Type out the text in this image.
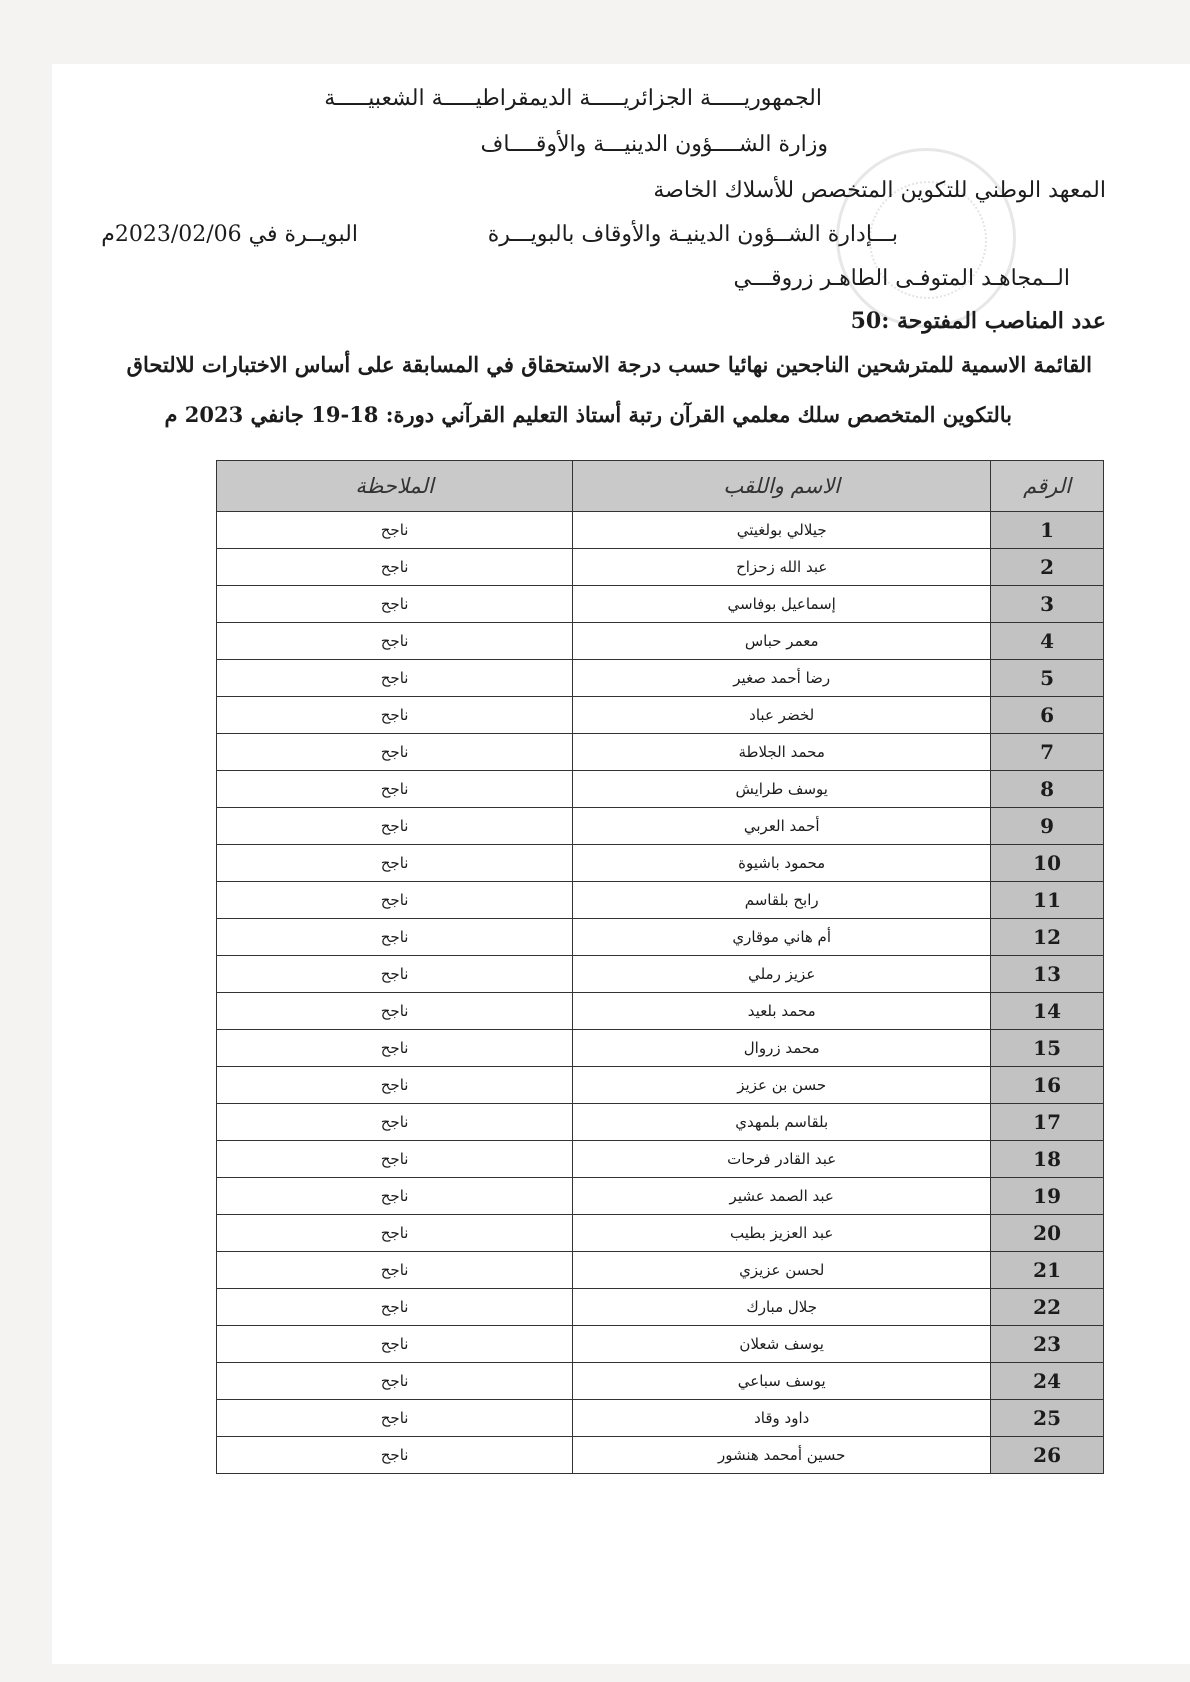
الجمهوريـــــة الجزائريـــــة الديمقراطيـــــة الشعبيـــــة
وزارة الشــــؤون الدينيـــة والأوقــــاف
المعهد الوطني للتكوين المتخصص للأسلاك الخاصة
بـــإدارة الشــؤون الدينيـة والأوقاف بالبويـــرة
البويــرة في 2023/02/06م
الــمجاهـد المتوفـى الطاهـر زروقـــي
عدد المناصب المفتوحة :50
القائمة الاسمية للمترشحين الناجحين نهائيا حسب درجة الاستحقاق في المسابقة على أساس الاختبارات للالتحاق
بالتكوين المتخصص سلك معلمي القرآن رتبة أستاذ التعليم القرآني دورة: 18-19 جانفي 2023 م
الرقم	الاسم واللقب	الملاحظة
1	جيلالي بولغيتي	ناجح
2	عبد الله زحزاح	ناجح
3	إسماعيل بوفاسي	ناجح
4	معمر حباس	ناجح
5	رضا أحمد صغير	ناجح
6	لخضر عباد	ناجح
7	محمد الجلاطة	ناجح
8	يوسف طرايش	ناجح
9	أحمد العربي	ناجح
10	محمود باشيوة	ناجح
11	رابح بلقاسم	ناجح
12	أم هاني موقاري	ناجح
13	عزيز رملي	ناجح
14	محمد بلعيد	ناجح
15	محمد زروال	ناجح
16	حسن بن عزيز	ناجح
17	بلقاسم بلمهدي	ناجح
18	عبد القادر فرحات	ناجح
19	عبد الصمد عشير	ناجح
20	عبد العزيز بطيب	ناجح
21	لحسن عزيزي	ناجح
22	جلال مبارك	ناجح
23	يوسف شعلان	ناجح
24	يوسف سباعي	ناجح
25	داود وقاد	ناجح
26	حسين أمحمد هنشور	ناجح
